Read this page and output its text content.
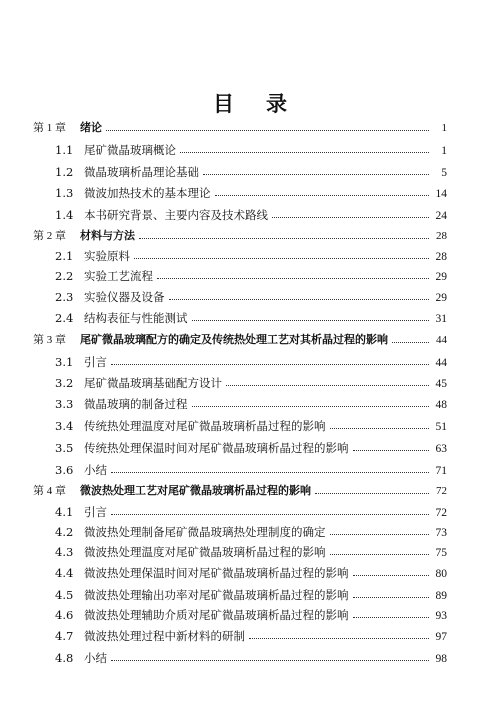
目 录
第 1 章	绪论	1
1.1 尾矿微晶玻璃概论	1
1.2 微晶玻璃析晶理论基础	5
1.3 微波加热技术的基本理论	14
1.4 本书研究背景、主要内容及技术路线	24
第 2 章	材料与方法	28
2.1 实验原料	28
2.2 实验工艺流程	29
2.3 实验仪器及设备	29
2.4 结构表征与性能测试	31
第 3 章	尾矿微晶玻璃配方的确定及传统热处理工艺对其析晶过程的影响	44
3.1 引言	44
3.2 尾矿微晶玻璃基础配方设计	45
3.3 微晶玻璃的制备过程	48
3.4 传统热处理温度对尾矿微晶玻璃析晶过程的影响	51
3.5 传统热处理保温时间对尾矿微晶玻璃析晶过程的影响	63
3.6 小结	71
第 4 章	微波热处理工艺对尾矿微晶玻璃析晶过程的影响	72
4.1 引言	72
4.2 微波热处理制备尾矿微晶玻璃热处理制度的确定	73
4.3 微波热处理温度对尾矿微晶玻璃析晶过程的影响	75
4.4 微波热处理保温时间对尾矿微晶玻璃析晶过程的影响	80
4.5 微波热处理输出功率对尾矿微晶玻璃析晶过程的影响	89
4.6 微波热处理辅助介质对尾矿微晶玻璃析晶过程的影响	93
4.7 微波热处理过程中新材料的研制	97
4.8 小结	98
